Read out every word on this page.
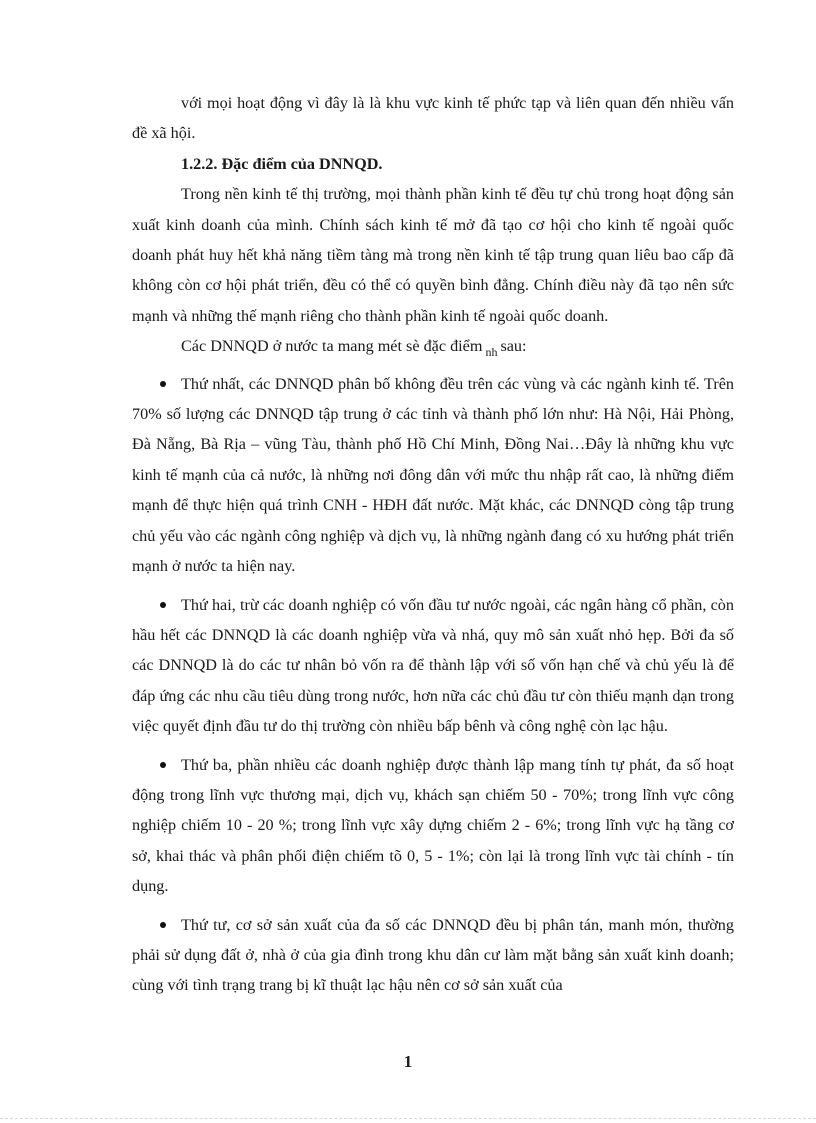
với mọi hoạt động vì đây là là khu vực kinh tế phức tạp và liên quan đến nhiều vấn đề xã hội.

1.2.2. Đặc điểm của DNNQD.

Trong nền kinh tế thị trường, mọi thành phần kinh tế đều tự chủ trong hoạt động sản xuất kinh doanh của mình. Chính sách kinh tế mở đã tạo cơ hội cho kinh tế ngoài quốc doanh phát huy hết khả năng tiềm tàng mà trong nền kinh tế tập trung quan liêu bao cấp đã không còn cơ hội phát triển, đều có thể có quyền bình đẳng. Chính điều này đã tạo nên sức mạnh và những thế mạnh riêng cho thành phần kinh tế ngoài quốc doanh.

Các DNNQD ở nước ta mang mét sè đặc điểm $_{nh}$ sau:

Thứ nhất, các DNNQD phân bố không đều trên các vùng và các ngành kinh tế. Trên 70% số lượng các DNNQD tập trung ở các tỉnh và thành phố lớn như: Hà Nội, Hải Phòng, Đà Nẵng, Bà Rịa – vũng Tàu, thành phố Hồ Chí Minh, Đồng Nai…Đây là những khu vực kinh tế mạnh của cả nước, là những nơi đông dân với mức thu nhập rất cao, là những điểm mạnh để thực hiện quá trình CNH - HĐH đất nước. Mặt khác, các DNNQD còng tập trung chủ yếu vào các ngành công nghiệp và dịch vụ, là những ngành đang có xu hướng phát triển mạnh ở nước ta hiện nay.
Thứ hai, trừ các doanh nghiệp có vốn đầu tư nước ngoài, các ngân hàng cổ phần, còn hầu hết các DNNQD là các doanh nghiệp vừa và nhá, quy mô sản xuất nhỏ hẹp. Bởi đa số các DNNQD là do các tư nhân bỏ vốn ra để thành lập với số vốn hạn chế và chủ yếu là để đáp ứng các nhu cầu tiêu dùng trong nước, hơn nữa các chủ đầu tư còn thiếu mạnh dạn trong việc quyết định đầu tư do thị trường còn nhiều bấp bênh và công nghệ còn lạc hậu.
Thứ ba, phần nhiều các doanh nghiệp được thành lập mang tính tự phát, đa số hoạt động trong lĩnh vực thương mại, dịch vụ, khách sạn chiếm 50 - 70%; trong lĩnh vực công nghiệp chiếm 10 - 20 %; trong lĩnh vực xây dựng chiếm 2 - 6%; trong lĩnh vực hạ tầng cơ sở, khai thác và phân phối điện chiếm tõ 0, 5 - 1%; còn lại là trong lĩnh vực tài chính - tín dụng.
Thứ tư, cơ sở sản xuất của đa số các DNNQD đều bị phân tán, manh món, thường phải sử dụng đất ở, nhà ở của gia đình trong khu dân cư làm mặt bằng sản xuất kinh doanh; cùng với tình trạng trang bị kĩ thuật lạc hậu nên cơ sở sản xuất của
1
